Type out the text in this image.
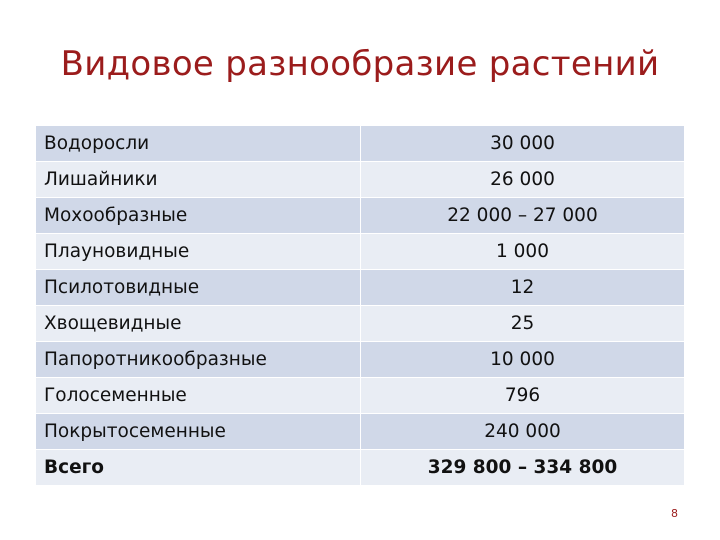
Видовое разнообразие растений
Водоросли	30 000
Лишайники	26 000
Мохообразные	22 000 – 27 000
Плауновидные	1 000
Псилотовидные	12
Хвощевидные	25
Папоротникообразные	10 000
Голосеменные	796
Покрытосеменные	240 000
Всего	329 800 – 334 800
8
